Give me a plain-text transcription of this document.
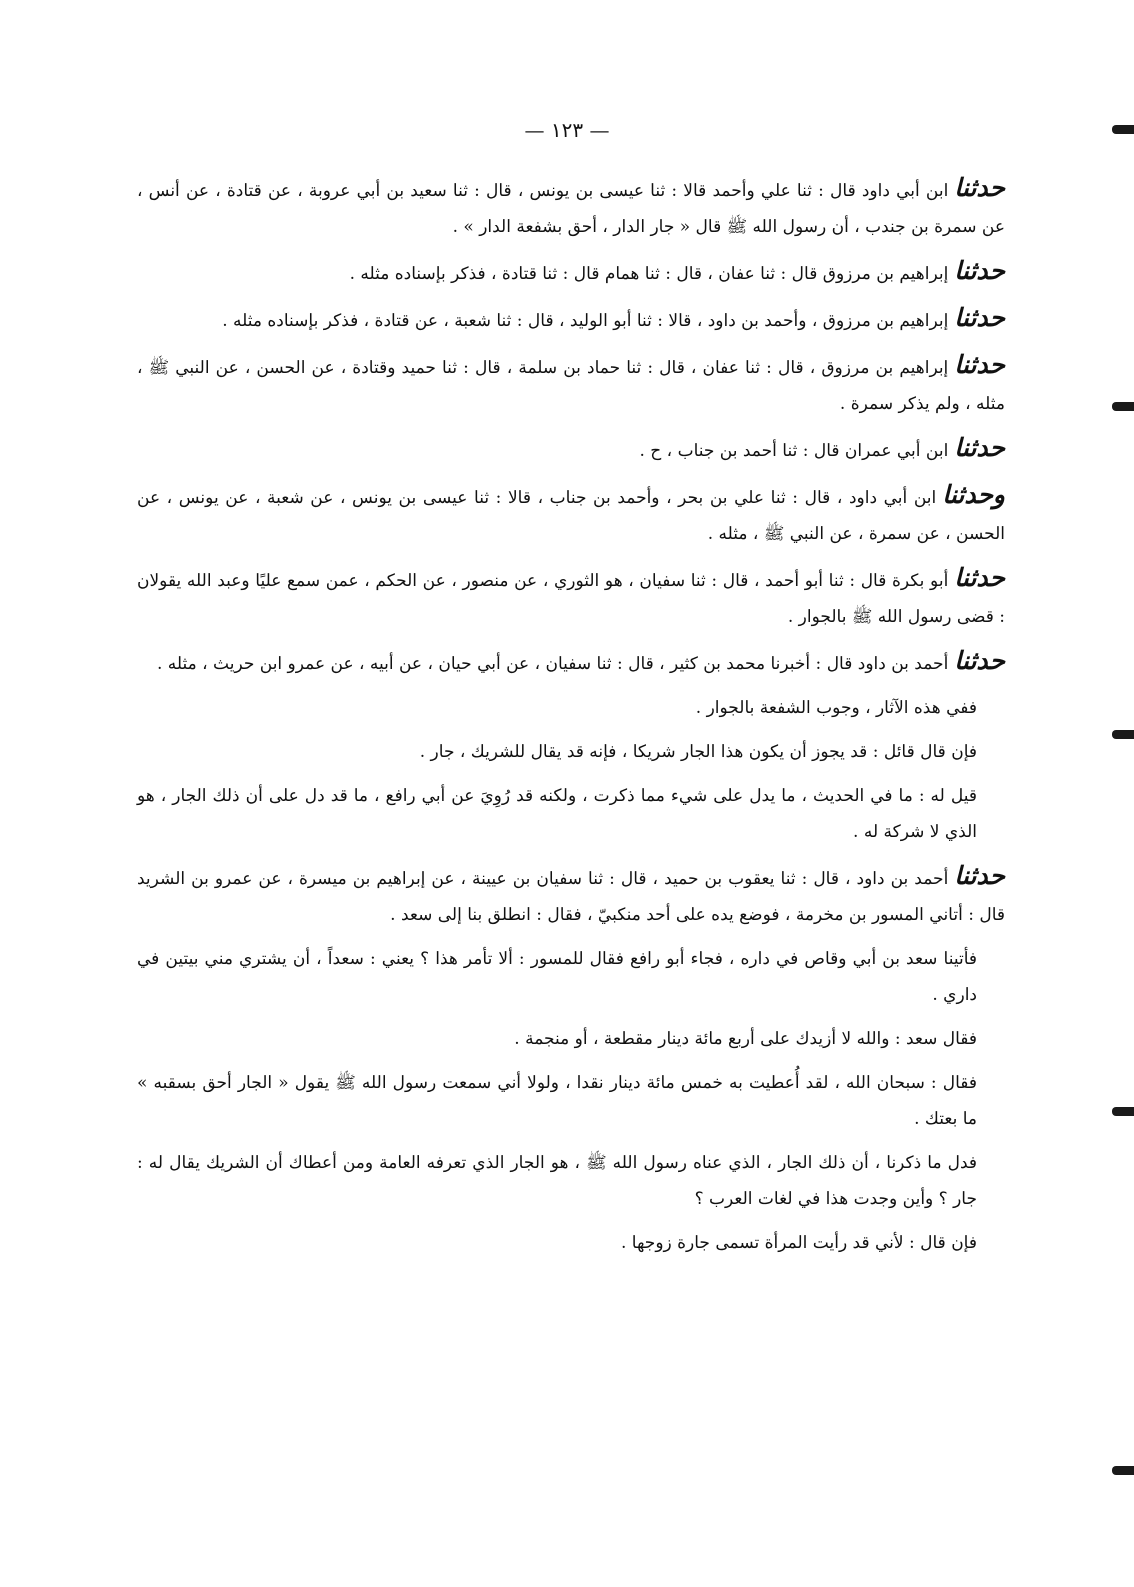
— ١٢٣ —

حدثناابن أبي داود قال : ثنا علي وأحمد قالا : ثنا عيسى بن يونس ، قال : ثنا سعيد بن أبي عروبة ، عن قتادة ، عن أنس ، عن سمرة بن جندب ، أن رسول الله ﷺ قال « جار الدار ، أحق بشفعة الدار » .

حدثناإبراهيم بن مرزوق قال : ثنا عفان ، قال : ثنا همام قال : ثنا قتادة ، فذكر بإسناده مثله .

حدثناإبراهيم بن مرزوق ، وأحمد بن داود ، قالا : ثنا أبو الوليد ، قال : ثنا شعبة ، عن قتادة ، فذكر بإسناده مثله .

حدثناإبراهيم بن مرزوق ، قال : ثنا عفان ، قال : ثنا حماد بن سلمة ، قال : ثنا حميد وقتادة ، عن الحسن ، عن النبي ﷺ ، مثله ، ولم يذكر سمرة .

حدثناابن أبي عمران قال : ثنا أحمد بن جناب ، ح .

وحدثناابن أبي داود ، قال : ثنا علي بن بحر ، وأحمد بن جناب ، قالا : ثنا عيسى بن يونس ، عن شعبة ، عن يونس ، عن الحسن ، عن سمرة ، عن النبي ﷺ ، مثله .

حدثناأبو بكرة قال : ثنا أبو أحمد ، قال : ثنا سفيان ، هو الثوري ، عن منصور ، عن الحكم ، عمن سمع عليًا وعبد الله يقولان : قضى رسول الله ﷺ بالجوار .

حدثناأحمد بن داود قال : أخبرنا محمد بن كثير ، قال : ثنا سفيان ، عن أبي حيان ، عن أبيه ، عن عمرو ابن حريث ، مثله .

ففي هذه الآثار ، وجوب الشفعة بالجوار .

فإن قال قائل : قد يجوز أن يكون هذا الجار شريكا ، فإنه قد يقال للشريك ، جار .

قيل له : ما في الحديث ، ما يدل على شيء مما ذكرت ، ولكنه قد رُوِيَ عن أبي رافع ، ما قد دل على أن ذلك الجار ، هو الذي لا شركة له .

حدثناأحمد بن داود ، قال : ثنا يعقوب بن حميد ، قال : ثنا سفيان بن عيينة ، عن إبراهيم بن ميسرة ، عن عمرو بن الشريد قال : أتاني المسور بن مخرمة ، فوضع يده على أحد منكبيّ ، فقال : انطلق بنا إلى سعد .

فأتينا سعد بن أبي وقاص في داره ، فجاء أبو رافع فقال للمسور : ألا تأمر هذا ؟ يعني : سعداً ، أن يشتري مني بيتين في داري .

فقال سعد : والله لا أزيدك على أربع مائة دينار مقطعة ، أو منجمة .

فقال : سبحان الله ، لقد أُعطيت به خمس مائة دينار نقدا ، ولولا أني سمعت رسول الله ﷺ يقول « الجار أحق بسقبه » ما بعتك .

فدل ما ذكرنا ، أن ذلك الجار ، الذي عناه رسول الله ﷺ ، هو الجار الذي تعرفه العامة ومن أعطاك أن الشريك يقال له : جار ؟ وأين وجدت هذا في لغات العرب ؟

فإن قال : لأني قد رأيت المرأة تسمى جارة زوجها .
